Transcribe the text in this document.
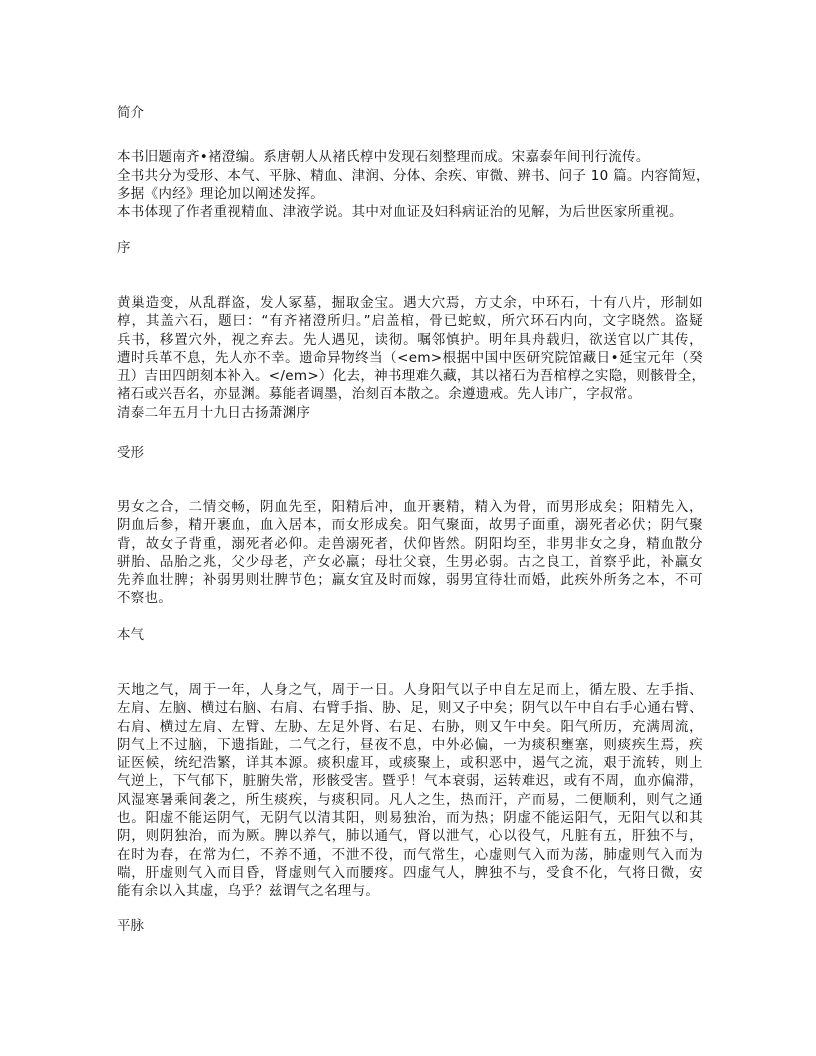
简介
本书旧题南齐•褚澄编。系唐朝人从褚氏椁中发现石刻整理而成。宋嘉泰年间刊行流传。
全书共分为受形、本气、平脉、精血、津润、分体、余疾、审微、辨书、问子 10 篇。内容简短，
多据《内经》理论加以阐述发挥。
本书体现了作者重视精血、津液学说。其中对血证及妇科病证治的见解，为后世医家所重视。
序
黄巢造变，从乱群盗，发人冢墓，掘取金宝。遇大穴焉，方丈余，中环石，十有八片，形制如
椁，其盖六石，题曰：“有齐褚澄所归。”启盖棺，骨已蛇蚁，所穴环石内向，文字晓然。盗疑
兵书，移置穴外，视之弃去。先人遇见，读彻。嘱邻慎护。明年具舟载归，欲送官以广其传，
遭时兵革不息，先人亦不幸。遗命异物终当（<em>根据中国中医研究院馆藏日•延宝元年（癸
丑）吉田四朗刻本补入。</em>）化去，神书理难久藏，其以褚石为吾棺椁之实隐，则骸骨全，
褚石或兴吾名，亦显渊。募能者调墨，治刻百本散之。余遵遗戒。先人讳广，字叔常。
清泰二年五月十九日古扬萧渊序
受形
男女之合，二情交畅，阴血先至，阳精后冲，血开裹精，精入为骨，而男形成矣；阳精先入，
阴血后参，精开裹血，血入居本，而女形成矣。阳气聚面，故男子面重，溺死者必伏；阴气聚
背，故女子背重，溺死者必仰。走兽溺死者，伏仰皆然。阴阳均至，非男非女之身，精血散分
骈胎、品胎之兆，父少母老，产女必羸；母壮父衰，生男必弱。古之良工，首察乎此，补羸女
先养血壮脾；补弱男则壮脾节色；羸女宜及时而嫁，弱男宜待壮而婚，此疾外所务之本，不可
不察也。
本气
天地之气，周于一年，人身之气，周于一日。人身阳气以子中自左足而上，循左股、左手指、
左肩、左脑、横过右脑、右肩、右臂手指、胁、足，则又子中矣；阴气以午中自右手心通右臂、
右肩、横过左肩、左臂、左胁、左足外肾、右足、右胁，则又午中矣。阳气所历，充满周流，
阴气上不过脑，下遗指趾，二气之行，昼夜不息，中外必偏，一为痰积壅塞，则痰疾生焉，疾
证医候，统纪浩繁，详其本源。痰积虚耳，或痰聚上，或积恶中，遏气之流，艰于流转，则上
气逆上，下气郁下，脏腑失常，形骸受害。暨乎！气本衰弱，运转难迟，或有不周，血亦偏滞，
风湿寒暑乘间袭之，所生痰疾，与痰积同。凡人之生，热而汗，产而易，二便顺利，则气之通
也。阳虚不能运阴气，无阴气以清其阳，则易独治，而为热；阴虚不能运阳气，无阳气以和其
阴，则阴独治，而为厥。脾以养气，肺以通气，肾以泄气，心以役气，凡脏有五，肝独不与，
在时为春，在常为仁，不养不通，不泄不役，而气常生，心虚则气入而为荡，肺虚则气入而为
喘，肝虚则气入而目昏，肾虚则气入而腰疼。四虚气人，脾独不与，受食不化，气将日微，安
能有余以入其虚，乌乎？兹谓气之名理与。
平脉
